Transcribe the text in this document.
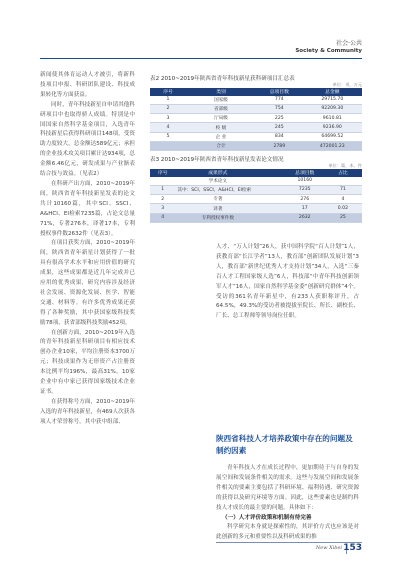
社会·公共
Society & Community

新闻使其体育运动人才被引，将新科技项目申报、科研团队建设、科技成果转化等方面获益。

同时，青年科技新星自申请其他科研项目中也取得骄人成绩。特别是中国国家自然科学基金项目，入选青年科技新星后获得科研项目148项，受资助力度较大，总金额达589亿元；承担的企业技术攻关项目累计达934项，总金额6.46亿元，研发成果与产业渐表结合技与效益。（见表2）

在科研产出方面，2010~2019年间，陕西省青年科技新星发表的论文共计10160篇，其中SCI、SSCI、A&HCI、EI检索7235篇，占论文总量71%，专著276本，译著17本，专利授权事件数2632件（见表3）。

在项目获奖方面，2010~2019年间，陕西省青年新星计划获得了一批具有很高学术水平和应用价值的研究成果，这些成果都是近几年完成并已应用的优秀成果，研究内容涉及经济社会发展、资源化发展、医学、智能交通、材料等。有许多优秀成果还获得了各种奖励，其中获国家级科技奖励78项，获省部级科技奖励452项。

在创新方面，2010~2019年入选的青年科技新星科研项目有相应技术创办企业10家，平均注册资本3700万元；科技成果作为无形资产占注册资本比例平均196%，最高31%。10家企业中有中家已获得国家级技术企业证书。

在获得称号方面，2010~2019年入选的青年科技新星，有469人次获各项人才荣誉称号，其中获中组部、

表2 2010~2019年陕西省青年科技新星获科研项目汇总表
单位：项，万元
序号	类别	总项目数	总金额
1	国家级	774	29715.70
2	省部级	754	92209.30
3	厅局级	225	9610.81
4	校 级	245	9236.90
5	企 业	834	64699.52
	合计	2789	472001.23
表3 2010~2019年陕西省青年科技新星发表论文情况
单位：篇，本，件
序号	成果形式		总项目数	占比
	学术论文		10160	
1	其中：SCI、SSCI、A&HCI、EI检索		7235	71
2	专著		276	4
3	译著		17	0.02
4	专利授权事件数		2632	25

人才、“万人计划”26人，获中国科学院“百人计划”1人，获教育部“长江学者”13人，教育部“创新团队发展计划”3人，教育部“新世纪优秀人才支持计划”34人，入选“三秦百人才工程国家级人选”6人，科技部“中青年科技创新领军人才”16人，国家自然科学基金委“创新研究群体”4个。受访的361名青年新星中，有233人获职称评升，占64.5%，49.3%的受访者被提拔至院长、所长、副校长、厂长、总工程师等领导岗位任职。

陕西省科技人才培养政策中存在的问题及制约因素

青年科技人才在成长过程中，更加期待于与自身的发展空间和发展条件相关的需求。这些与发展空间和发展条件相关的要素主要包括了科研环境、福利待遇、研究资源的获得以及研究环境等方面。因此，这些要素也是制约科技人才成长的最主要的问题。具体如下：

（一）人才评价政策和机制有待完善

科学研究本身就是探索性的，其评价方式也应该是对此创新的多元和重要性以及科研成果的推

New Xibei 153
